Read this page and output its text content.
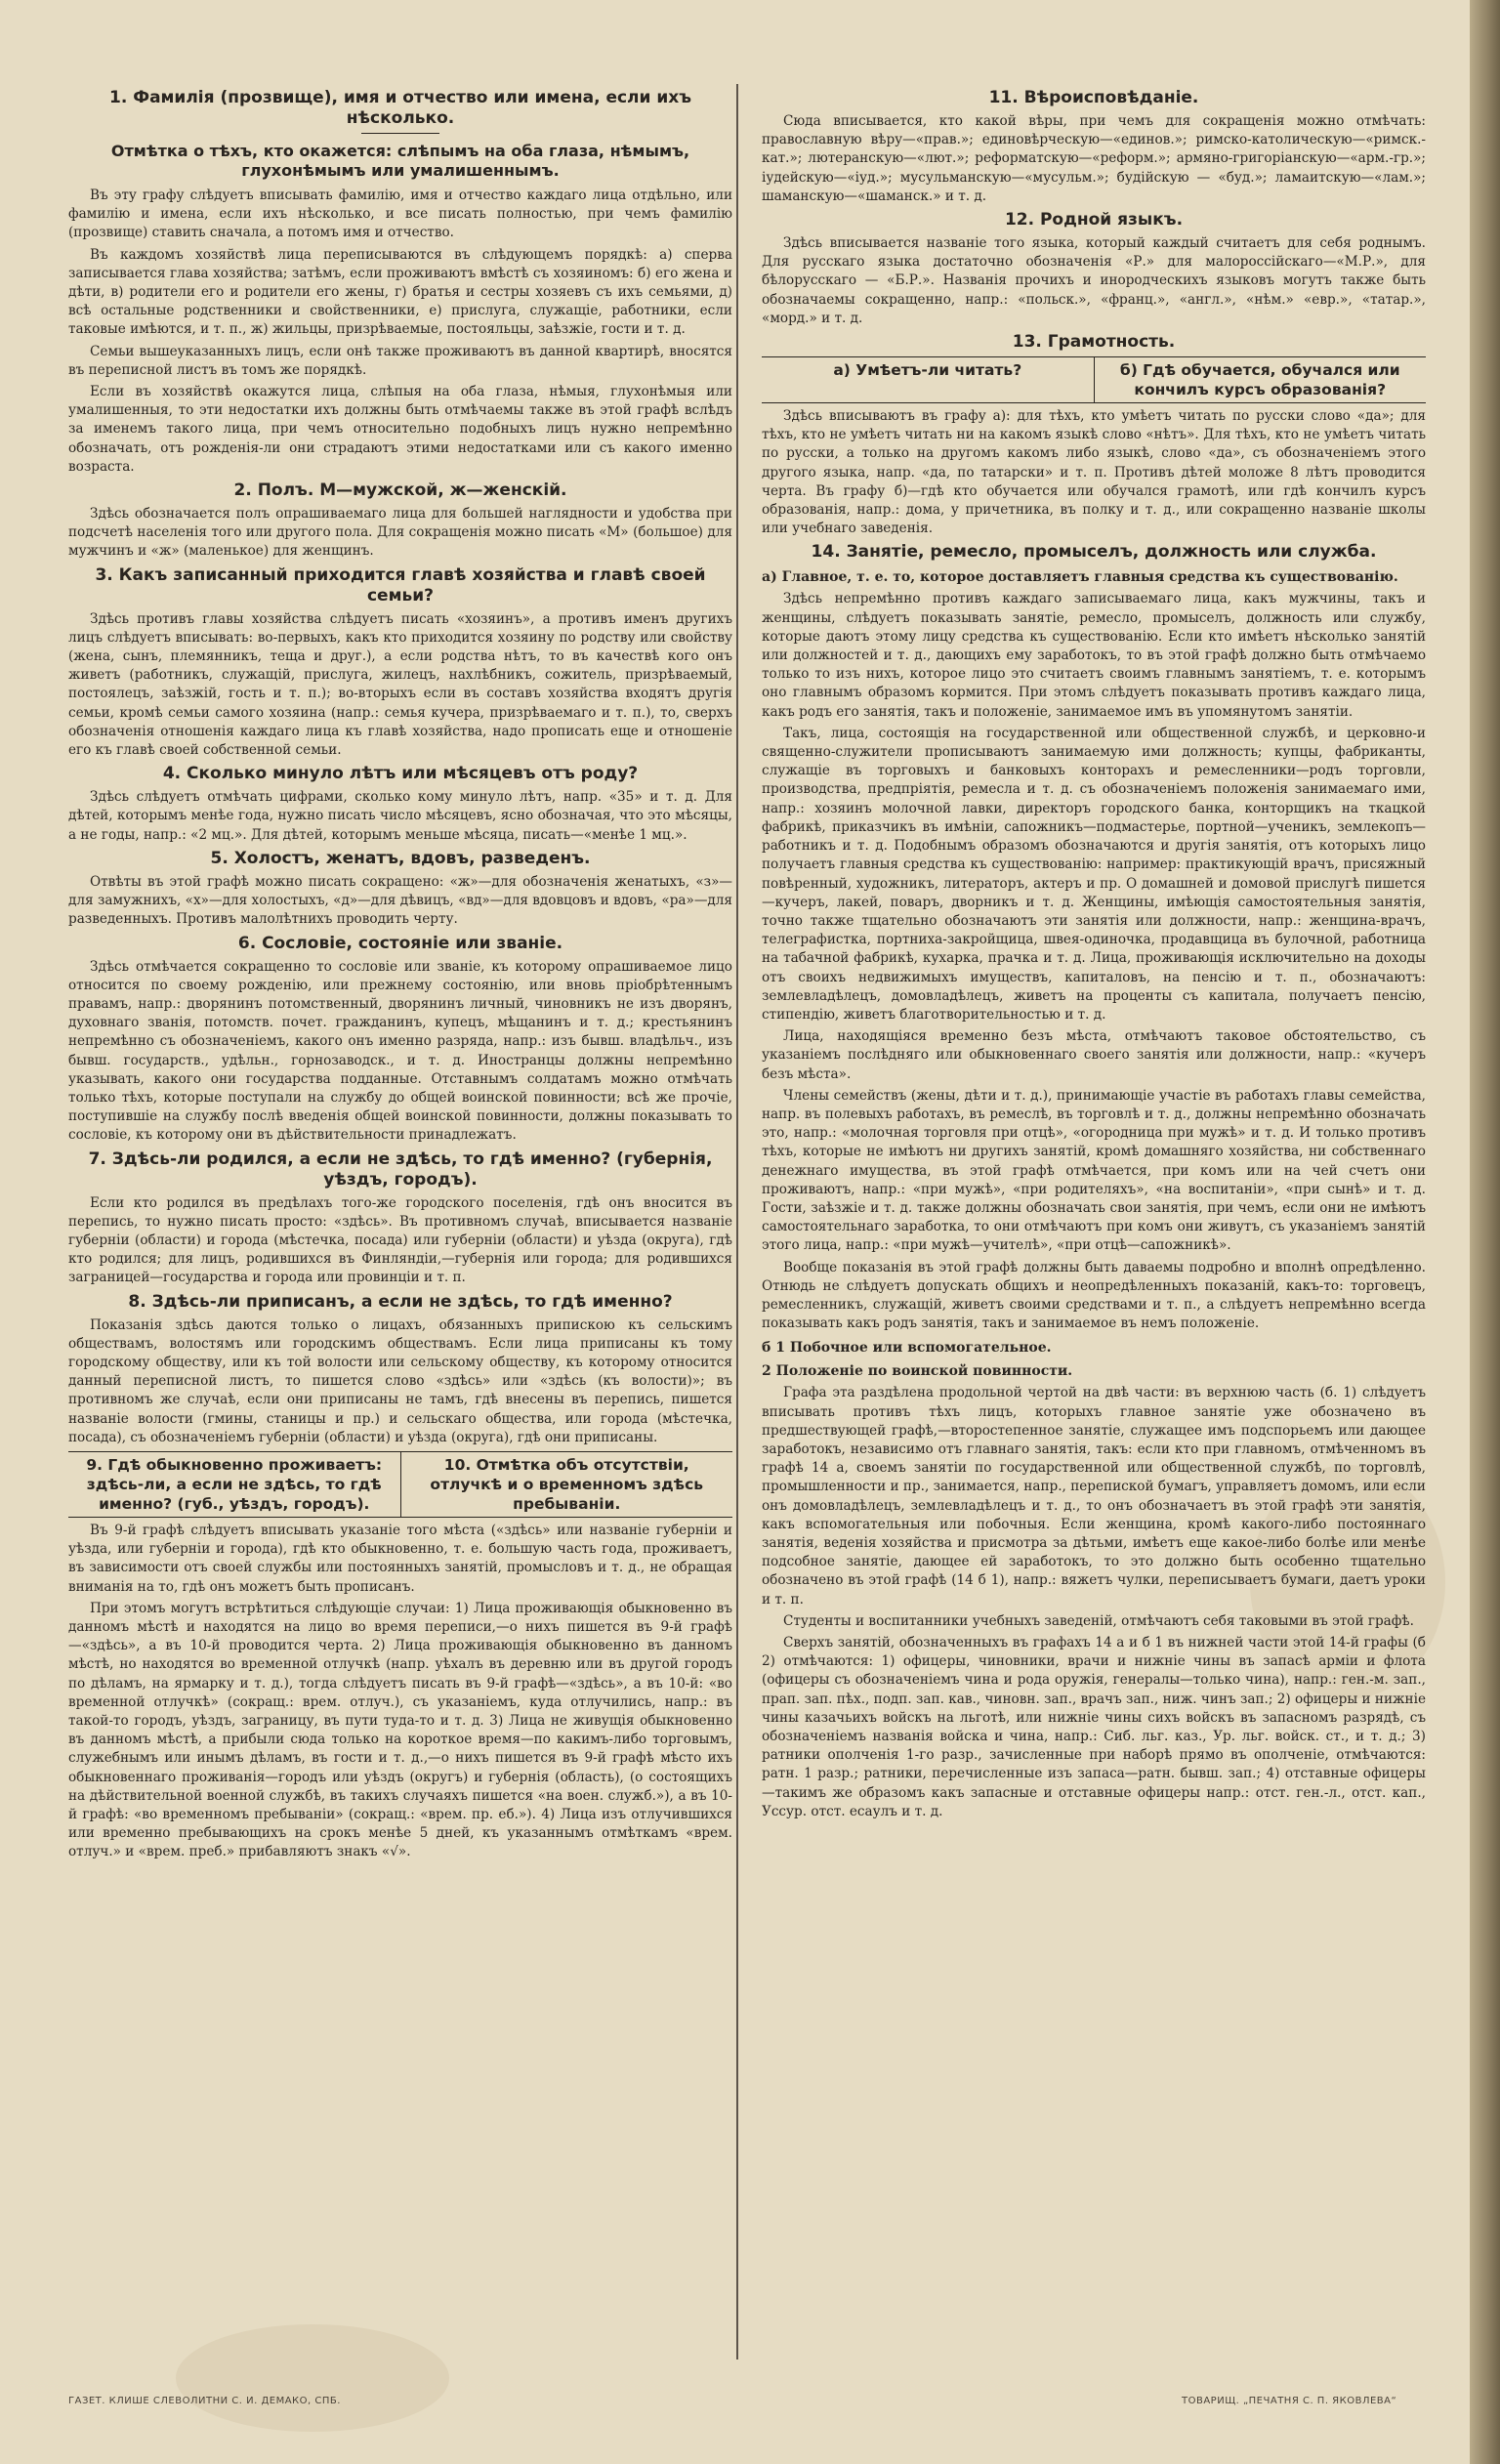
1. Фамилія (прозвище), имя и отчество или имена, если ихъ нѣсколько.
Отмѣтка о тѣхъ, кто окажется: слѣпымъ на оба глаза, нѣмымъ, глухонѣмымъ или умалишеннымъ.

Въ эту графу слѣдуетъ вписывать фамилію, имя и отчество каждаго лица отдѣльно, или фамилію и имена, если ихъ нѣсколько, и все писать полностью, при чемъ фамилію (прозвище) ставить сначала, а потомъ имя и отчество.

Въ каждомъ хозяйствѣ лица переписываются въ слѣдующемъ порядкѣ: а) сперва записывается глава хозяйства; затѣмъ, если проживаютъ вмѣстѣ съ хозяиномъ: б) его жена и дѣти, в) родители его и родители его жены, г) братья и сестры хозяевъ съ ихъ семьями, д) всѣ остальные родственники и свойственники, е) прислуга, служащіе, работники, если таковые имѣются, и т. п., ж) жильцы, призрѣваемые, постояльцы, заѣзжіе, гости и т. д.

Семьи вышеуказанныхъ лицъ, если онѣ также проживаютъ въ данной квартирѣ, вносятся въ переписной листъ въ томъ же порядкѣ.

Если въ хозяйствѣ окажутся лица, слѣпыя на оба глаза, нѣмыя, глухонѣмыя или умалишенныя, то эти недостатки ихъ должны быть отмѣчаемы также въ этой графѣ вслѣдъ за именемъ такого лица, при чемъ относительно подобныхъ лицъ нужно непремѣнно обозначать, отъ рожденія-ли они страдаютъ этими недостатками или съ какого именно возраста.

2. Полъ. М—мужской, ж—женскій.

Здѣсь обозначается полъ опрашиваемаго лица для большей наглядности и удобства при подсчетѣ населенія того или другого пола. Для сокращенія можно писать «М» (большое) для мужчинъ и «ж» (маленькое) для женщинъ.

3. Какъ записанный приходится главѣ хозяйства и главѣ своей семьи?

Здѣсь противъ главы хозяйства слѣдуетъ писать «хозяинъ», а противъ именъ другихъ лицъ слѣдуетъ вписывать: во-первыхъ, какъ кто приходится хозяину по родству или свойству (жена, сынъ, племянникъ, теща и друг.), а если родства нѣтъ, то въ качествѣ кого онъ живетъ (работникъ, служащій, прислуга, жилецъ, нахлѣбникъ, сожитель, призрѣваемый, постоялецъ, заѣзжій, гость и т. п.); во-вторыхъ если въ составъ хозяйства входятъ другія семьи, кромѣ семьи самого хозяина (напр.: семья кучера, призрѣваемаго и т. п.), то, сверхъ обозначенія отношенія каждаго лица къ главѣ хозяйства, надо прописать еще и отношеніе его къ главѣ своей собственной семьи.

4. Сколько минуло лѣтъ или мѣсяцевъ отъ роду?

Здѣсь слѣдуетъ отмѣчать цифрами, сколько кому минуло лѣтъ, напр. «35» и т. д. Для дѣтей, которымъ менѣе года, нужно писать число мѣсяцевъ, ясно обозначая, что это мѣсяцы, а не годы, напр.: «2 мц.». Для дѣтей, которымъ меньше мѣсяца, писать—«менѣе 1 мц.».

5. Холостъ, женатъ, вдовъ, разведенъ.

Отвѣты въ этой графѣ можно писать сокращено: «ж»—для обозначенія женатыхъ, «з»—для замужнихъ, «х»—для холостыхъ, «д»—для дѣвицъ, «вд»—для вдовцовъ и вдовъ, «ра»—для разведенныхъ. Противъ малолѣтнихъ проводить черту.

6. Сословіе, состояніе или званіе.

Здѣсь отмѣчается сокращенно то сословіе или званіе, къ которому опрашиваемое лицо относится по своему рожденію, или прежнему состоянію, или вновь пріобрѣтеннымъ правамъ, напр.: дворянинъ потомственный, дворянинъ личный, чиновникъ не изъ дворянъ, духовнаго званія, потомств. почет. гражданинъ, купецъ, мѣщанинъ и т. д.; крестьянинъ непремѣнно съ обозначеніемъ, какого онъ именно разряда, напр.: изъ бывш. владѣльч., изъ бывш. государств., удѣльн., горнозаводск., и т. д. Иностранцы должны непремѣнно указывать, какого они государства подданные. Отставнымъ солдатамъ можно отмѣчать только тѣхъ, которые поступали на службу до общей воинской повинности; всѣ же прочіе, поступившіе на службу послѣ введенія общей воинской повинности, должны показывать то сословіе, къ которому они въ дѣйствительности принадлежатъ.

7. Здѣсь-ли родился, а если не здѣсь, то гдѣ именно? (губернія, уѣздъ, городъ).

Если кто родился въ предѣлахъ того-же городского поселенія, гдѣ онъ вносится въ перепись, то нужно писать просто: «здѣсь». Въ противномъ случаѣ, вписывается названіе губерніи (области) и города (мѣстечка, посада) или губерніи (области) и уѣзда (округа), гдѣ кто родился; для лицъ, родившихся въ Финляндіи,—губернія или города; для родившихся заграницей—государства и города или провинціи и т. п.

8. Здѣсь-ли приписанъ, а если не здѣсь, то гдѣ именно?

Показанія здѣсь даются только о лицахъ, обязанныхъ припискою къ сельскимъ обществамъ, волостямъ или городскимъ обществамъ. Если лица приписаны къ тому городскому обществу, или къ той волости или сельскому обществу, къ которому относится данный переписной листъ, то пишется слово «здѣсь» или «здѣсь (къ волости)»; въ противномъ же случаѣ, если они приписаны не тамъ, гдѣ внесены въ перепись, пишется названіе волости (гмины, станицы и пр.) и сельскаго общества, или города (мѣстечка, посада), съ обозначеніемъ губерніи (области) и уѣзда (округа), гдѣ они приписаны.

9. Гдѣ обыкновенно проживаетъ: здѣсь-ли, а если не здѣсь, то гдѣ именно? (губ., уѣздъ, городъ).
10. Отмѣтка объ отсутствіи, отлучкѣ и о временномъ здѣсь пребываніи.

Въ 9-й графѣ слѣдуетъ вписывать указаніе того мѣста («здѣсь» или названіе губерніи и уѣзда, или губерніи и города), гдѣ кто обыкновенно, т. е. большую часть года, проживаетъ, въ зависимости отъ своей службы или постоянныхъ занятій, промысловъ и т. д., не обращая вниманія на то, гдѣ онъ можетъ быть прописанъ.

При этомъ могутъ встрѣтиться слѣдующіе случаи: 1) Лица проживающія обыкновенно въ данномъ мѣстѣ и находятся на лицо во время переписи,—о нихъ пишется въ 9-й графѣ—«здѣсь», а въ 10-й проводится черта. 2) Лица проживающія обыкновенно въ данномъ мѣстѣ, но находятся во временной отлучкѣ (напр. уѣхалъ въ деревню или въ другой городъ по дѣламъ, на ярмарку и т. д.), тогда слѣдуетъ писать въ 9-й графѣ—«здѣсь», а въ 10-й: «во временной отлучкѣ» (сокращ.: врем. отлуч.), съ указаніемъ, куда отлучились, напр.: въ такой-то городъ, уѣздъ, заграницу, въ пути туда-то и т. д. 3) Лица не живущія обыкновенно въ данномъ мѣстѣ, а прибыли сюда только на короткое время—по какимъ-либо торговымъ, служебнымъ или инымъ дѣламъ, въ гости и т. д.,—о нихъ пишется въ 9-й графѣ мѣсто ихъ обыкновеннаго проживанія—городъ или уѣздъ (округъ) и губернія (область), (о состоящихъ на дѣйствительной военной службѣ, въ такихъ случаяхъ пишется «на воен. служб.»), а въ 10-й графѣ: «во временномъ пребываніи» (сокращ.: «врем. пр. еб.»). 4) Лица изъ отлучившихся или временно пребывающихъ на срокъ менѣе 5 дней, къ указаннымъ отмѣткамъ «врем. отлуч.» и «врем. преб.» прибавляютъ знакъ «√».

11. Вѣроисповѣданіе.

Сюда вписывается, кто какой вѣры, при чемъ для сокращенія можно отмѣчать: православную вѣру—«прав.»; единовѣрческую—«единов.»; римско-католическую—«римск.-кат.»; лютеранскую—«лют.»; реформатскую—«реформ.»; армяно-григоріанскую—«арм.-гр.»; іудейскую—«іуд.»; мусульманскую—«мусульм.»; будійскую — «буд.»; ламаитскую—«лам.»; шаманскую—«шаманск.» и т. д.

12. Родной языкъ.

Здѣсь вписывается названіе того языка, который каждый считаетъ для себя роднымъ. Для русскаго языка достаточно обозначенія «Р.» для малороссійскаго—«М.Р.», для бѣлорусскаго — «Б.Р.». Названія прочихъ и инородческихъ языковъ могутъ также быть обозначаемы сокращенно, напр.: «польск.», «франц.», «англ.», «нѣм.» «евр.», «татар.», «морд.» и т. д.

13. Грамотность.
а) Умѣетъ-ли читать?	б) Гдѣ обучается, обучался или кончилъ курсъ образованія?

Здѣсь вписываютъ въ графу а): для тѣхъ, кто умѣетъ читать по русски слово «да»; для тѣхъ, кто не умѣетъ читать ни на какомъ языкѣ слово «нѣтъ». Для тѣхъ, кто не умѣетъ читать по русски, а только на другомъ какомъ либо языкѣ, слово «да», съ обозначеніемъ этого другого языка, напр. «да, по татарски» и т. п. Противъ дѣтей моложе 8 лѣтъ проводится черта. Въ графу б)—гдѣ кто обучается или обучался грамотѣ, или гдѣ кончилъ курсъ образованія, напр.: дома, у причетника, въ полку и т. д., или сокращенно названіе школы или учебнаго заведенія.

14. Занятіе, ремесло, промыселъ, должность или служба.
а) Главное, т. е. то, которое доставляетъ главныя средства къ существованію.

Здѣсь непремѣнно противъ каждаго записываемаго лица, какъ мужчины, такъ и женщины, слѣдуетъ показывать занятіе, ремесло, промыселъ, должность или службу, которые даютъ этому лицу средства къ существованію. Если кто имѣетъ нѣсколько занятій или должностей и т. д., дающихъ ему заработокъ, то въ этой графѣ должно быть отмѣчаемо только то изъ нихъ, которое лицо это считаетъ своимъ главнымъ занятіемъ, т. е. которымъ оно главнымъ образомъ кормится. При этомъ слѣдуетъ показывать противъ каждаго лица, какъ родъ его занятія, такъ и положеніе, занимаемое имъ въ упомянутомъ занятіи.

Такъ, лица, состоящія на государственной или общественной службѣ, и церковно-и священно-служители прописываютъ занимаемую ими должность; купцы, фабриканты, служащіе въ торговыхъ и банковыхъ конторахъ и ремесленники—родъ торговли, производства, предпріятія, ремесла и т. д. съ обозначеніемъ положенія занимаемаго ими, напр.: хозяинъ молочной лавки, директоръ городского банка, конторщикъ на ткацкой фабрикѣ, приказчикъ въ имѣніи, сапожникъ—подмастерье, портной—ученикъ, землекопъ—работникъ и т. д. Подобнымъ образомъ обозначаются и другія занятія, отъ которыхъ лицо получаетъ главныя средства къ существованію: например: практикующій врачъ, присяжный повѣренный, художникъ, литераторъ, актеръ и пр. О домашней и домовой прислугѣ пишется—кучеръ, лакей, поваръ, дворникъ и т. д. Женщины, имѣющія самостоятельныя занятія, точно также тщательно обозначаютъ эти занятія или должности, напр.: женщина-врачъ, телеграфистка, портниха-закройщица, швея-одиночка, продавщица въ булочной, работница на табачной фабрикѣ, кухарка, прачка и т. д. Лица, проживающія исключительно на доходы отъ своихъ недвижимыхъ имуществъ, капиталовъ, на пенсію и т. п., обозначаютъ: землевладѣлецъ, домовладѣлецъ, живетъ на проценты съ капитала, получаетъ пенсію, стипендію, живетъ благотворительностью и т. д.

Лица, находящіяся временно безъ мѣста, отмѣчаютъ таковое обстоятельство, съ указаніемъ послѣдняго или обыкновеннаго своего занятія или должности, напр.: «кучеръ безъ мѣста».

Члены семействъ (жены, дѣти и т. д.), принимающіе участіе въ работахъ главы семейства, напр. въ полевыхъ работахъ, въ ремеслѣ, въ торговлѣ и т. д., должны непремѣнно обозначать это, напр.: «молочная торговля при отцѣ», «огородница при мужѣ» и т. д. И только противъ тѣхъ, которые не имѣютъ ни другихъ занятій, кромѣ домашняго хозяйства, ни собственнаго денежнаго имущества, въ этой графѣ отмѣчается, при комъ или на чей счетъ они проживаютъ, напр.: «при мужѣ», «при родителяхъ», «на воспитаніи», «при сынѣ» и т. д. Гости, заѣзжіе и т. д. также должны обозначать свои занятія, при чемъ, если они не имѣютъ самостоятельнаго заработка, то они отмѣчаютъ при комъ они живутъ, съ указаніемъ занятій этого лица, напр.: «при мужѣ—учителѣ», «при отцѣ—сапожникѣ».

Вообще показанія въ этой графѣ должны быть даваемы подробно и вполнѣ опредѣленно. Отнюдь не слѣдуетъ допускать общихъ и неопредѣленныхъ показаній, какъ-то: торговецъ, ремесленникъ, служащій, живетъ своими средствами и т. п., а слѣдуетъ непремѣнно всегда показывать какъ родъ занятія, такъ и занимаемое въ немъ положеніе.

б 1 Побочное или вспомогательное.
2 Положеніе по воинской повинности.

Графа эта раздѣлена продольной чертой на двѣ части: въ верхнюю часть (б. 1) слѣдуетъ вписывать противъ тѣхъ лицъ, которыхъ главное занятіе уже обозначено въ предшествующей графѣ,—второстепенное занятіе, служащее имъ подспорьемъ или дающее заработокъ, независимо отъ главнаго занятія, такъ: если кто при главномъ, отмѣченномъ въ графѣ 14 а, своемъ занятіи по государственной или общественной службѣ, по торговлѣ, промышленности и пр., занимается, напр., перепиской бумагъ, управляетъ домомъ, или если онъ домовладѣлецъ, землевладѣлецъ и т. д., то онъ обозначаетъ въ этой графѣ эти занятія, какъ вспомогательныя или побочныя. Если женщина, кромѣ какого-либо постояннаго занятія, веденія хозяйства и присмотра за дѣтьми, имѣетъ еще какое-либо болѣе или менѣе подсобное занятіе, дающее ей заработокъ, то это должно быть особенно тщательно обозначено въ этой графѣ (14 б 1), напр.: вяжетъ чулки, переписываетъ бумаги, даетъ уроки и т. п.

Студенты и воспитанники учебныхъ заведеній, отмѣчаютъ себя таковыми въ этой графѣ.

Сверхъ занятій, обозначенныхъ въ графахъ 14 а и б 1 въ нижней части этой 14-й графы (б 2) отмѣчаются: 1) офицеры, чиновники, врачи и нижніе чины въ запасѣ арміи и флота (офицеры съ обозначеніемъ чина и рода оружія, генералы—только чина), напр.: ген.-м. зап., прап. зап. пѣх., подп. зап. кав., чиновн. зап., врачъ зап., ниж. чинъ зап.; 2) офицеры и нижніе чины казачьихъ войскъ на льготѣ, или нижніе чины сихъ войскъ въ запасномъ разрядѣ, съ обозначеніемъ названія войска и чина, напр.: Сиб. льг. каз., Ур. льг. войск. ст., и т. д.; 3) ратники ополченія 1-го разр., зачисленные при наборѣ прямо въ ополченіе, отмѣчаются: ратн. 1 разр.; ратники, перечисленные изъ запаса—ратн. бывш. зап.; 4) отставные офицеры—такимъ же образомъ какъ запасные и отставные офицеры напр.: отст. ген.-л., отст. кап., Уссур. отст. есаулъ и т. д.

ГАЗЕТ. КЛИШЕ СЛЕВОЛИТНИ С. И. ДЕМАКО, СПБ.	ТОВАРИЩ. „ПЕЧАТНЯ С. П. ЯКОВЛЕВА“
